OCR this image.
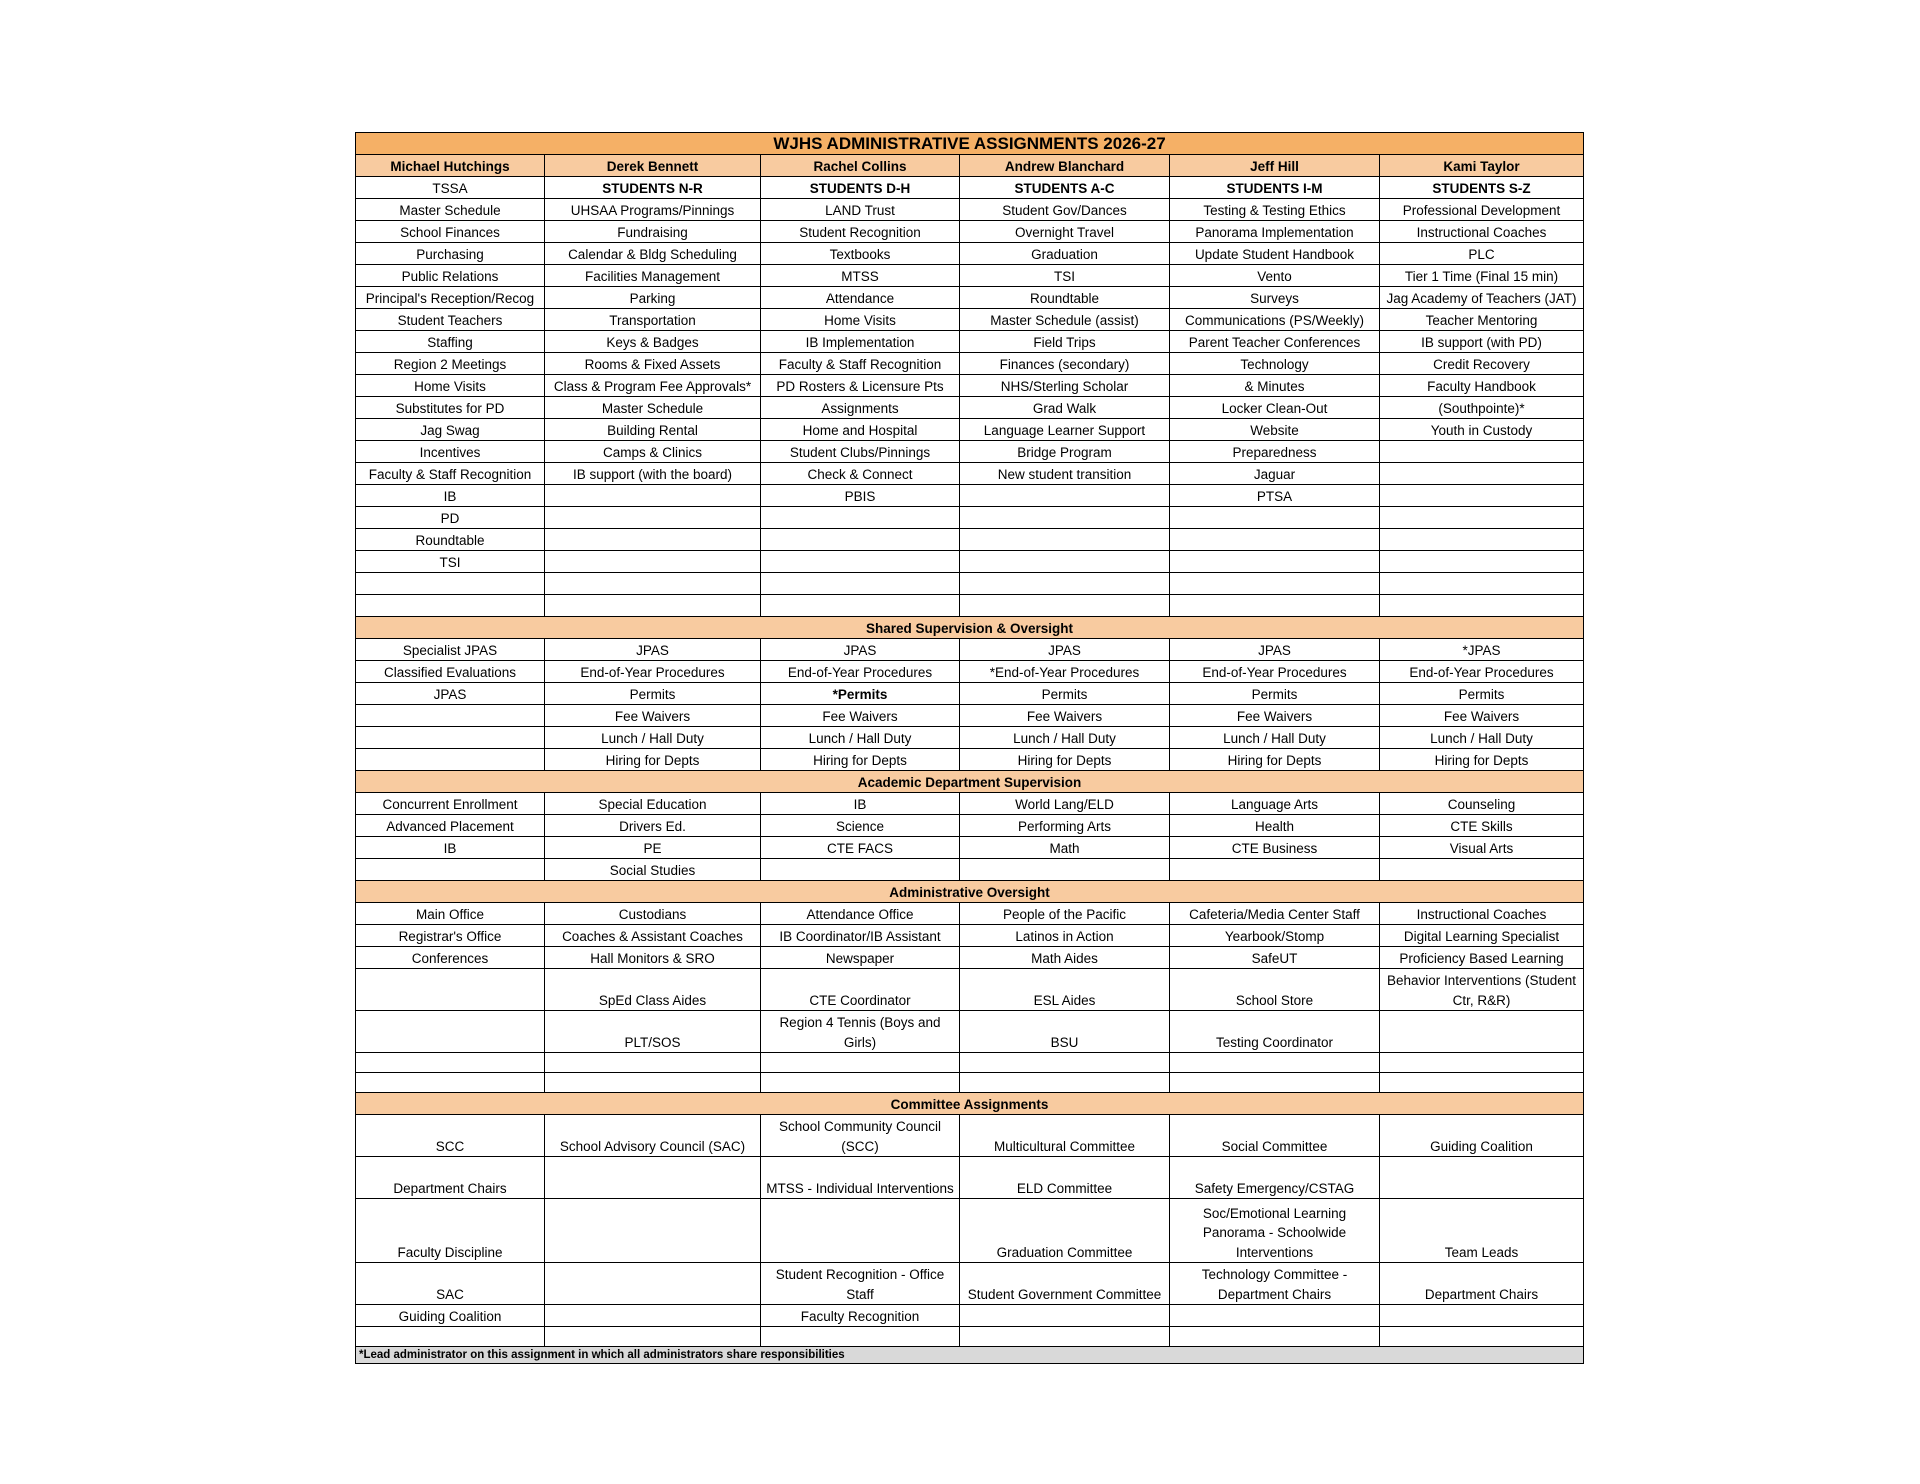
WJHS ADMINISTRATIVE ASSIGNMENTS 2026-27					
Michael Hutchings	Derek Bennett	Rachel Collins	Andrew Blanchard	Jeff Hill	Kami Taylor
TSSA	STUDENTS N-R	STUDENTS D-H	STUDENTS A-C	STUDENTS I-M	STUDENTS S-Z
Master Schedule	UHSAA Programs/Pinnings	LAND Trust	Student Gov/Dances	Testing & Testing Ethics	Professional Development
School Finances	Fundraising	Student Recognition	Overnight Travel	Panorama Implementation	Instructional Coaches
Purchasing	Calendar & Bldg Scheduling	Textbooks	Graduation	Update Student Handbook	PLC
Public Relations	Facilities Management	MTSS	TSI	Vento	Tier 1 Time (Final 15 min)
Principal's Reception/Recog	Parking	Attendance	Roundtable	Surveys	Jag Academy of Teachers (JAT)
Student Teachers	Transportation	Home Visits	Master Schedule (assist)	Communications (PS/Weekly)	Teacher Mentoring
Staffing	Keys & Badges	IB Implementation	Field Trips	Parent Teacher Conferences	IB support (with PD)
Region 2 Meetings	Rooms & Fixed Assets	Faculty & Staff Recognition	Finances (secondary)	Technology	Credit Recovery
Home Visits	Class & Program Fee Approvals*	PD Rosters & Licensure Pts	NHS/Sterling Scholar	& Minutes	Faculty Handbook
Substitutes for PD	Master Schedule	Assignments	Grad Walk	Locker Clean-Out	(Southpointe)*
Jag Swag	Building Rental	Home and Hospital	Language Learner Support	Website	Youth in Custody
Incentives	Camps & Clinics	Student Clubs/Pinnings	Bridge Program	Preparedness	
Faculty & Staff Recognition	IB support (with the board)	Check & Connect	New student transition	Jaguar	
IB		PBIS		PTSA	
PD					
Roundtable					
TSI					

Shared Supervision & Oversight					
Specialist JPAS	JPAS	JPAS	JPAS	JPAS	*JPAS
Classified Evaluations	End-of-Year Procedures	End-of-Year Procedures	*End-of-Year Procedures	End-of-Year Procedures	End-of-Year Procedures
JPAS	Permits	*Permits	Permits	Permits	Permits
	Fee Waivers	Fee Waivers	Fee Waivers	Fee Waivers	Fee Waivers
	Lunch / Hall Duty	Lunch / Hall Duty	Lunch / Hall Duty	Lunch / Hall Duty	Lunch / Hall Duty
	Hiring for Depts	Hiring for Depts	Hiring for Depts	Hiring for Depts	Hiring for Depts
Academic Department Supervision					
Concurrent Enrollment	Special Education	IB	World Lang/ELD	Language Arts	Counseling
Advanced Placement	Drivers Ed.	Science	Performing Arts	Health	CTE Skills
IB	PE	CTE FACS	Math	CTE Business	Visual Arts
	Social Studies				
Administrative Oversight					
Main Office	Custodians	Attendance Office	People of the Pacific	Cafeteria/Media Center Staff	Instructional Coaches
Registrar's Office	Coaches & Assistant Coaches	IB Coordinator/IB Assistant	Latinos in Action	Yearbook/Stomp	Digital Learning Specialist
Conferences	Hall Monitors & SRO	Newspaper	Math Aides	SafeUT	Proficiency Based Learning
	SpEd Class Aides	CTE Coordinator	ESL Aides	School Store	Behavior Interventions (Student Ctr, R&R)
	PLT/SOS	Region 4 Tennis (Boys and Girls)	BSU	Testing Coordinator	

Committee Assignments					
SCC	School Advisory Council (SAC)	School Community Council (SCC)	Multicultural Committee	Social Committee	Guiding Coalition
Department Chairs		MTSS - Individual Interventions	ELD Committee	Safety Emergency/CSTAG	
Faculty Discipline			Graduation Committee	Soc/Emotional Learning Panorama - Schoolwide Interventions	Team Leads
SAC		Student Recognition - Office Staff	Student Government Committee	Technology Committee - Department Chairs	Department Chairs
Guiding Coalition		Faculty Recognition			

*Lead administrator on this assignment in which all administrators share responsibilities					
